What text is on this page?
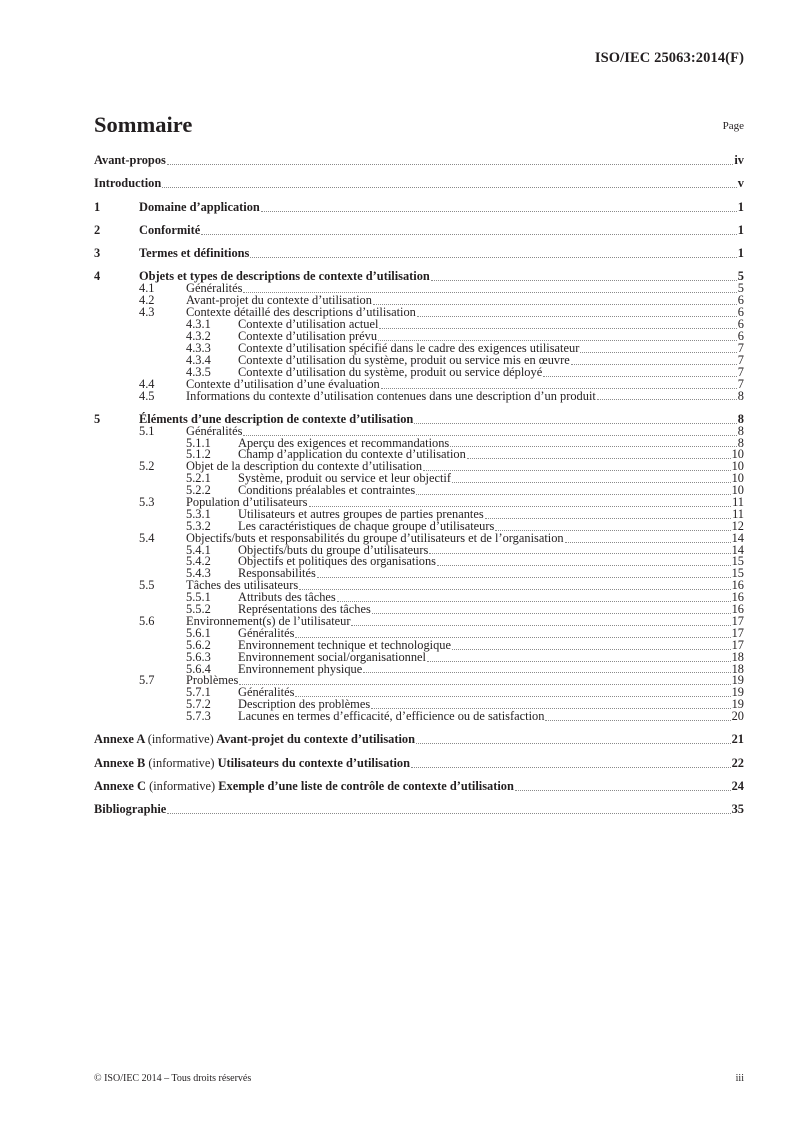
ISO/IEC 25063:2014(F)
Sommaire	Page
Avant-propos	iv
Introduction	v
1	Domaine d’application	1
2	Conformité	1
3	Termes et définitions	1
4	Objets et types de descriptions de contexte d’utilisation	5
4.1	Généralités	5
4.2	Avant-projet du contexte d’utilisation	6
4.3	Contexte détaillé des descriptions d’utilisation	6
4.3.1	Contexte d’utilisation actuel	6
4.3.2	Contexte d’utilisation prévu	6
4.3.3	Contexte d’utilisation spécifié dans le cadre des exigences utilisateur	7
4.3.4	Contexte d’utilisation du système, produit ou service mis en œuvre	7
4.3.5	Contexte d’utilisation du système, produit ou service déployé	7
4.4	Contexte d’utilisation d’une évaluation	7
4.5	Informations du contexte d’utilisation contenues dans une description d’un produit	8
5	Éléments d’une description de contexte d’utilisation	8
5.1	Généralités	8
5.1.1	Aperçu des exigences et recommandations	8
5.1.2	Champ d’application du contexte d’utilisation	10
5.2	Objet de la description du contexte d’utilisation	10
5.2.1	Système, produit ou service et leur objectif	10
5.2.2	Conditions préalables et contraintes	10
5.3	Population d’utilisateurs	11
5.3.1	Utilisateurs et autres groupes de parties prenantes	11
5.3.2	Les caractéristiques de chaque groupe d’utilisateurs	12
5.4	Objectifs/buts et responsabilités du groupe d’utilisateurs et de l’organisation	14
5.4.1	Objectifs/buts du groupe d’utilisateurs	14
5.4.2	Objectifs et politiques des organisations	15
5.4.3	Responsabilités	15
5.5	Tâches des utilisateurs	16
5.5.1	Attributs des tâches	16
5.5.2	Représentations des tâches	16
5.6	Environnement(s) de l’utilisateur	17
5.6.1	Généralités	17
5.6.2	Environnement technique et technologique	17
5.6.3	Environnement social/organisationnel	18
5.6.4	Environnement physique	18
5.7	Problèmes	19
5.7.1	Généralités	19
5.7.2	Description des problèmes	19
5.7.3	Lacunes en termes d’efficacité, d’efficience ou de satisfaction	20
Annexe A (informative) Avant-projet du contexte d’utilisation	21
Annexe B (informative) Utilisateurs du contexte d’utilisation	22
Annexe C (informative) Exemple d’une liste de contrôle de contexte d’utilisation	24
Bibliographie	35
© ISO/IEC 2014 – Tous droits réservés	iii
